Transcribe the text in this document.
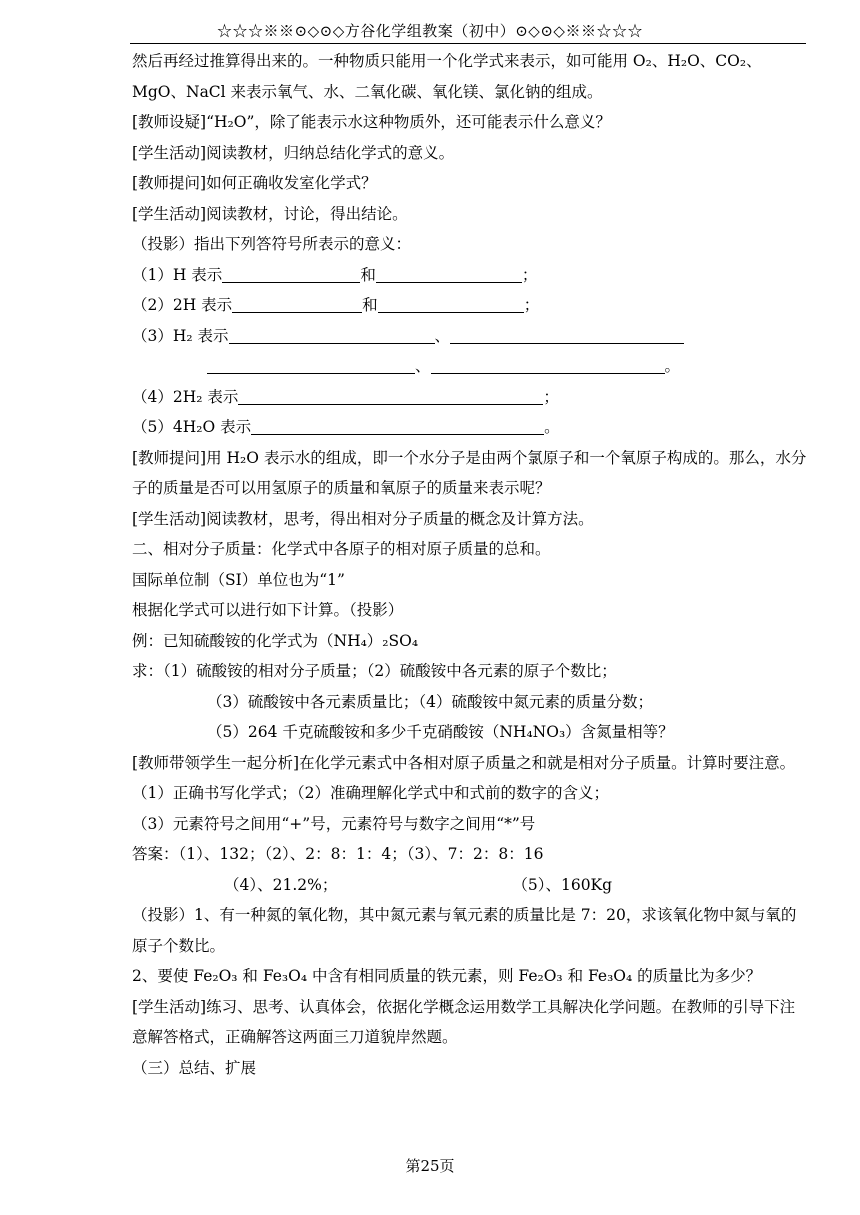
☆☆☆※※⊙◇⊙◇方谷化学组教案（初中）⊙◇⊙◇※※☆☆☆
然后再经过推算得出来的。一种物质只能用一个化学式来表示，如可能用 O₂、H₂O、CO₂、MgO、NaCl 来表示氧气、水、二氧化碳、氧化镁、氯化钠的组成。
[教师设疑]“H₂O”，除了能表示水这种物质外，还可能表示什么意义？
[学生活动]阅读教材，归纳总结化学式的意义。
[教师提问]如何正确收发室化学式？
[学生活动]阅读教材，讨论，得出结论。
（投影）指出下列答符号所表示的意义：
（1）H 表示	和	；
（2）2H 表示	和	；
（3）H₂ 表示	、
、	。
（4）2H₂ 表示	；
（5）4H₂O 表示	。
[教师提问]用 H₂O 表示水的组成，即一个水分子是由两个氯原子和一个氧原子构成的。那么，水分子的质量是否可以用氢原子的质量和氧原子的质量来表示呢？
[学生活动]阅读教材，思考，得出相对分子质量的概念及计算方法。
二、相对分子质量：化学式中各原子的相对原子质量的总和。
国际单位制（SI）单位也为“1”
根据化学式可以进行如下计算。（投影）
例：已知硫酸铵的化学式为（NH₄）₂SO₄
求：（1）硫酸铵的相对分子质量；（2）硫酸铵中各元素的原子个数比；
（3）硫酸铵中各元素质量比；（4）硫酸铵中氮元素的质量分数；
（5）264 千克硫酸铵和多少千克硝酸铵（NH₄NO₃）含氮量相等？
[教师带领学生一起分析]在化学元素式中各相对原子质量之和就是相对分子质量。计算时要注意。
（1）正确书写化学式；（2）准确理解化学式中和式前的数字的含义；
（3）元素符号之间用“+”号，元素符号与数字之间用“*”号
答案：（1）、132；（2）、2：8：1：4；（3）、7：2：8：16
（4）、21.2%；	（5）、160Kg
（投影）1、有一种氮的氧化物，其中氮元素与氧元素的质量比是 7：20，求该氧化物中氮与氧的原子个数比。
2、要使 Fe₂O₃ 和 Fe₃O₄ 中含有相同质量的铁元素，则 Fe₂O₃ 和 Fe₃O₄ 的质量比为多少？
[学生活动]练习、思考、认真体会，依据化学概念运用数学工具解决化学问题。在教师的引导下注意解答格式，正确解答这两面三刀道貌岸然题。
（三）总结、扩展
第25页
